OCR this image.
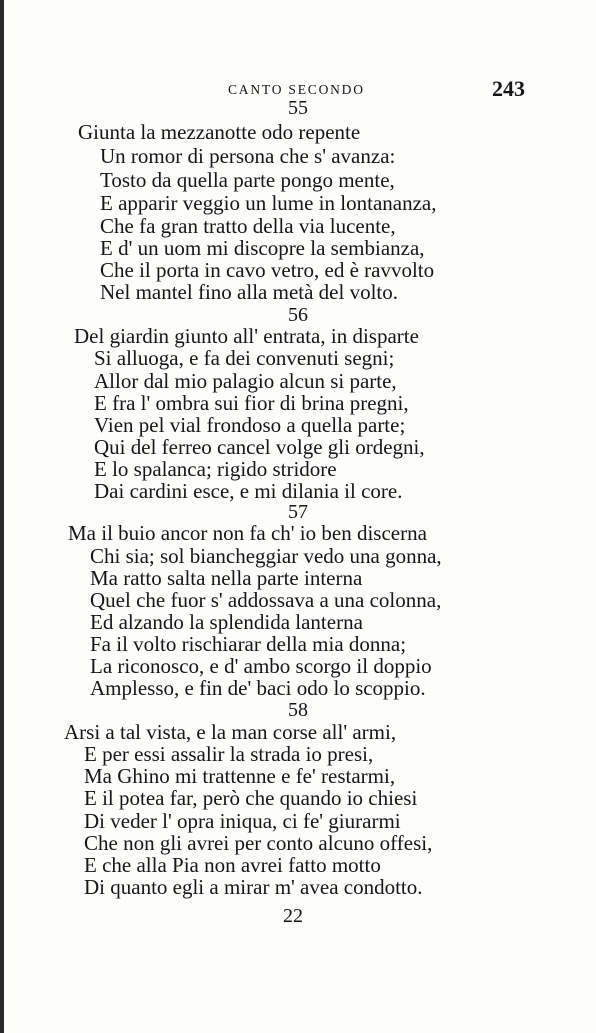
CANTO SECONDO	243
55
Giunta la mezzanotte odo repente
Un romor di persona che s' avanza:
Tosto da quella parte pongo mente,
E apparir veggio un lume in lontananza,
Che fa gran tratto della via lucente,
E d' un uom mi discopre la sembianza,
Che il porta in cavo vetro, ed è ravvolto
Nel mantel fino alla metà del volto.
56
Del giardin giunto all' entrata, in disparte
Si alluoga, e fa dei convenuti segni;
Allor dal mio palagio alcun si parte,
E fra l' ombra sui fior di brina pregni,
Vien pel vial frondoso a quella parte;
Qui del ferreo cancel volge gli ordegni,
E lo spalanca; rigido stridore
Dai cardini esce, e mi dilania il core.
57
Ma il buio ancor non fa ch' io ben discerna
Chi sia; sol biancheggiar vedo una gonna,
Ma ratto salta nella parte interna
Quel che fuor s' addossava a una colonna,
Ed alzando la splendida lanterna
Fa il volto rischiarar della mia donna;
La riconosco, e d' ambo scorgo il doppio
Amplesso, e fin de' baci odo lo scoppio.
58
Arsi a tal vista, e la man corse all' armi,
E per essi assalir la strada io presi,
Ma Ghino mi trattenne e fe' restarmi,
E il potea far, però che quando io chiesi
Di veder l' opra iniqua, ci fe' giurarmi
Che non gli avrei per conto alcuno offesi,
E che alla Pia non avrei fatto motto
Di quanto egli a mirar m' avea condotto.
22
